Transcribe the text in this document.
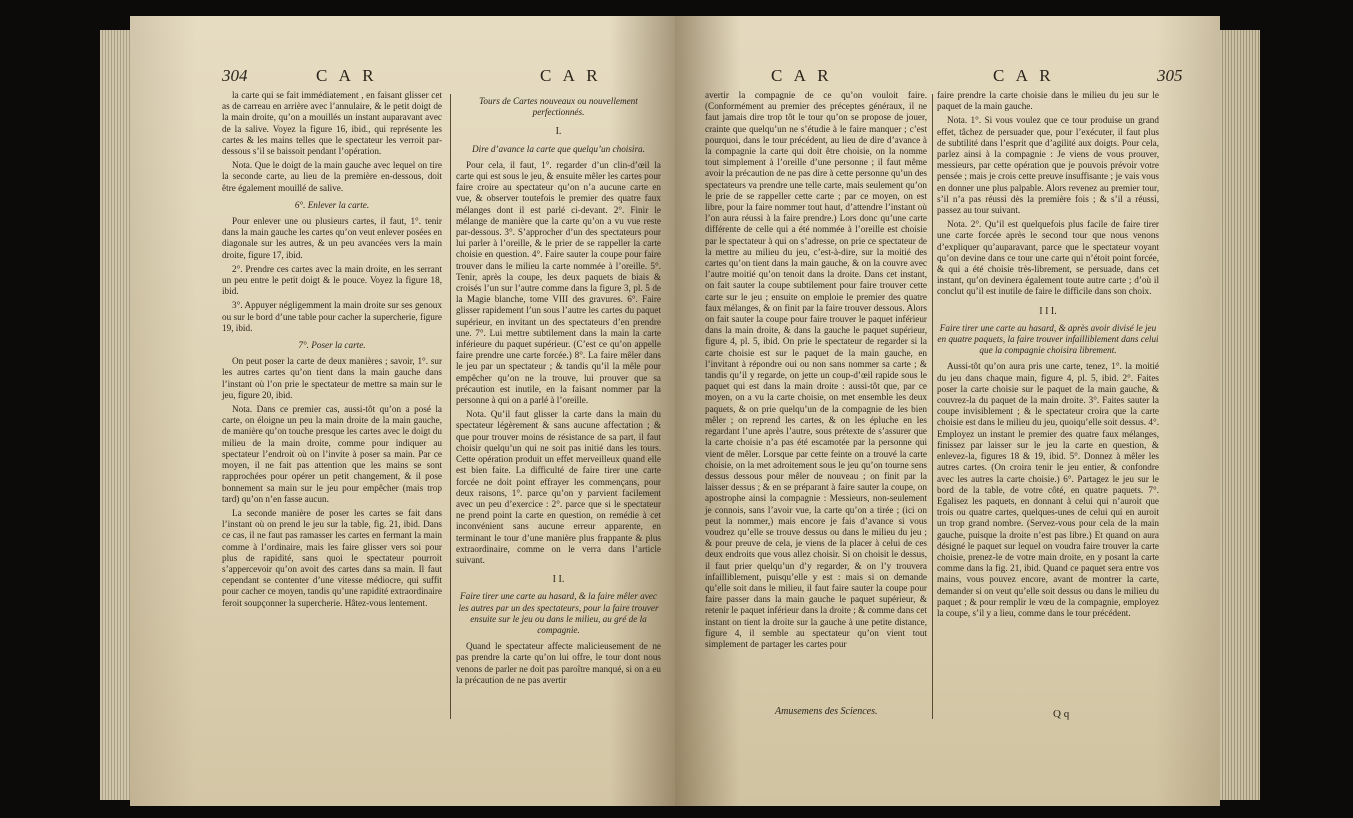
304	C A R	C A R

la carte qui se fait immédiatement , en faisant glisser cet as de carreau en arrière avec l’annulaire, & le petit doigt de la main droite, qu’on a mouillés un instant auparavant avec de la salive. Voyez la figure 16, ibid., qui représente les cartes & les mains telles que le spectateur les verroit par-dessous s’il se baissoit pendant l’opération.

Nota. Que le doigt de la main gauche avec lequel on tire la seconde carte, au lieu de la première en-dessous, doit être également mouillé de salive.

6°. Enlever la carte.

Pour enlever une ou plusieurs cartes, il faut, 1°. tenir dans la main gauche les cartes qu’on veut enlever posées en diagonale sur les autres, & un peu avancées vers la main droite, figure 17, ibid.

2°. Prendre ces cartes avec la main droite, en les serrant un peu entre le petit doigt & le pouce. Voyez la figure 18, ibid.

3°. Appuyer négligemment la main droite sur ses genoux ou sur le bord d’une table pour cacher la supercherie, figure 19, ibid.

7°. Poser la carte.

On peut poser la carte de deux manières ; savoir, 1°. sur les autres cartes qu’on tient dans la main gauche dans l’instant où l’on prie le spectateur de mettre sa main sur le jeu, figure 20, ibid.

Nota. Dans ce premier cas, aussi-tôt qu’on a posé la carte, on éloigne un peu la main droite de la main gauche, de manière qu’on touche presque les cartes avec le doigt du milieu de la main droite, comme pour indiquer au spectateur l’endroit où on l’invite à poser sa main. Par ce moyen, il ne fait pas attention que les mains se sont rapprochées pour opérer un petit changement, & il pose bonnement sa main sur le jeu pour empêcher (mais trop tard) qu’on n’en fasse aucun.

La seconde manière de poser les cartes se fait dans l’instant où on prend le jeu sur la table, fig. 21, ibid. Dans ce cas, il ne faut pas ramasser les cartes en fermant la main comme à l’ordinaire, mais les faire glisser vers soi pour plus de rapidité, sans quoi le spectateur pourroit s’appercevoir qu’on avoit des cartes dans sa main. Il faut cependant se contenter d’une vitesse médiocre, qui suffit pour cacher ce moyen, tandis qu’une rapidité extraordinaire feroit soupçonner la supercherie. Hâtez-vous lentement.

Tours de Cartes nouveaux ou nouvellement perfectionnés.

I.

Dire d’avance la carte que quelqu’un choisira.

Pour cela, il faut, 1°. regarder d’un clin-d’œil la carte qui est sous le jeu, & ensuite mêler les cartes pour faire croire au spectateur qu’on n’a aucune carte en vue, & observer toutefois le premier des quatre faux mélanges dont il est parlé ci-devant. 2°. Finir le mélange de manière que la carte qu’on a vu vue reste par-dessous. 3°. S’approcher d’un des spectateurs pour lui parler à l’oreille, & le prier de se rappeller la carte choisie en question. 4°. Faire sauter la coupe pour faire trouver dans le milieu la carte nommée à l’oreille. 5°. Tenir, après la coupe, les deux paquets de biais & croisés l’un sur l’autre comme dans la figure 3, pl. 5 de la Magie blanche, tome VIII des gravures. 6°. Faire glisser rapidement l’un sous l’autre les cartes du paquet supérieur, en invitant un des spectateurs d’en prendre une. 7°. Lui mettre subtilement dans la main la carte inférieure du paquet supérieur. (C’est ce qu’on appelle faire prendre une carte forcée.) 8°. La faire mêler dans le jeu par un spectateur ; & tandis qu’il la mêle pour empêcher qu’on ne la trouve, lui prouver que sa précaution est inutile, en la faisant nommer par la personne à qui on a parlé à l’oreille.

Nota. Qu’il faut glisser la carte dans la main du spectateur légèrement & sans aucune affectation ; & que pour trouver moins de résistance de sa part, il faut choisir quelqu’un qui ne soit pas initié dans les tours. Cette opération produit un effet merveilleux quand elle est bien faite. La difficulté de faire tirer une carte forcée ne doit point effrayer les commençans, pour deux raisons, 1°. parce qu’on y parvient facilement avec un peu d’exercice : 2°. parce que si le spectateur ne prend point la carte en question, on remédie à cet inconvénient sans aucune erreur apparente, en terminant le tour d’une manière plus frappante & plus extraordinaire, comme on le verra dans l’article suivant.

I I.

Faire tirer une carte au hasard, & la faire mêler avec les autres par un des spectateurs, pour la faire trouver ensuite sur le jeu ou dans le milieu, au gré de la compagnie.

Quand le spectateur affecte malicieusement de ne pas prendre la carte qu’on lui offre, le tour dont nous venons de parler ne doit pas paroître manqué, si on a eu la précaution de ne pas avertir

C A R	C A R	305

avertir la compagnie de ce qu’on vouloit faire. (Conformément au premier des préceptes généraux, il ne faut jamais dire trop tôt le tour qu’on se propose de jouer, crainte que quelqu’un ne s’étudie à le faire manquer ; c’est pourquoi, dans le tour précédent, au lieu de dire d’avance à la compagnie la carte qui doit être choisie, on la nomme tout simplement à l’oreille d’une personne ; il faut même avoir la précaution de ne pas dire à cette personne qu’un des spectateurs va prendre une telle carte, mais seulement qu’on le prie de se rappeller cette carte ; par ce moyen, on est libre, pour la faire nommer tout haut, d’attendre l’instant où l’on aura réussi à la faire prendre.) Lors donc qu’une carte différente de celle qui a été nommée à l’oreille est choisie par le spectateur à qui on s’adresse, on prie ce spectateur de la mettre au milieu du jeu, c’est-à-dire, sur la moitié des cartes qu’on tient dans la main gauche, & on la couvre avec l’autre moitié qu’on tenoit dans la droite. Dans cet instant, on fait sauter la coupe subtilement pour faire trouver cette carte sur le jeu ; ensuite on emploie le premier des quatre faux mélanges, & on finit par la faire trouver dessous. Alors on fait sauter la coupe pour faire trouver le paquet inférieur dans la main droite, & dans la gauche le paquet supérieur, figure 4, pl. 5, ibid. On prie le spectateur de regarder si la carte choisie est sur le paquet de la main gauche, en l’invitant à répondre oui ou non sans nommer sa carte ; & tandis qu’il y regarde, on jette un coup-d’œil rapide sous le paquet qui est dans la main droite : aussi-tôt que, par ce moyen, on a vu la carte choisie, on met ensemble les deux paquets, & on prie quelqu’un de la compagnie de les bien mêler ; on reprend les cartes, & on les épluche en les regardant l’une après l’autre, sous prétexte de s’assurer que la carte choisie n’a pas été escamotée par la personne qui vient de mêler. Lorsque par cette feinte on a trouvé la carte choisie, on la met adroitement sous le jeu qu’on tourne sens dessus dessous pour mêler de nouveau ; on finit par la laisser dessus ; & en se préparant à faire sauter la coupe, on apostrophe ainsi la compagnie : Messieurs, non-seulement je connois, sans l’avoir vue, la carte qu’on a tirée ; (ici on peut la nommer,) mais encore je fais d’avance si vous voudrez qu’elle se trouve dessus ou dans le milieu du jeu ; & pour preuve de cela, je viens de la placer à celui de ces deux endroits que vous allez choisir. Si on choisit le dessus, il faut prier quelqu’un d’y regarder, & on l’y trouvera infailliblement, puisqu’elle y est : mais si on demande qu’elle soit dans le milieu, il faut faire sauter la coupe pour faire passer dans la main gauche le paquet supérieur, & retenir le paquet inférieur dans la droite ; & comme dans cet instant on tient la droite sur la gauche à une petite distance, figure 4, il semble au spectateur qu’on vient tout simplement de partager les cartes pour

faire prendre la carte choisie dans le milieu du jeu sur le paquet de la main gauche.

Nota. 1°. Si vous voulez que ce tour produise un grand effet, tâchez de persuader que, pour l’exécuter, il faut plus de subtilité dans l’esprit que d’agilité aux doigts. Pour cela, parlez ainsi à la compagnie : Je viens de vous prouver, messieurs, par cette opération que je pouvois prévoir votre pensée ; mais je crois cette preuve insuffisante ; je vais vous en donner une plus palpable. Alors revenez au premier tour, s’il n’a pas réussi dès la première fois ; & s’il a réussi, passez au tour suivant.

Nota. 2°. Qu’il est quelquefois plus facile de faire tirer une carte forcée après le second tour que nous venons d’expliquer qu’auparavant, parce que le spectateur voyant qu’on devine dans ce tour une carte qui n’étoit point forcée, & qui a été choisie très-librement, se persuade, dans cet instant, qu’on devinera également toute autre carte ; d’où il conclut qu’il est inutile de faire le difficile dans son choix.

I I I.

Faire tirer une carte au hasard, & après avoir divisé le jeu en quatre paquets, la faire trouver infailliblement dans celui que la compagnie choisira librement.

Aussi-tôt qu’on aura pris une carte, tenez, 1°. la moitié du jeu dans chaque main, figure 4, pl. 5, ibid. 2°. Faites poser la carte choisie sur le paquet de la main gauche, & couvrez-la du paquet de la main droite. 3°. Faites sauter la coupe invisiblement ; & le spectateur croira que la carte choisie est dans le milieu du jeu, quoiqu’elle soit dessus. 4°. Employez un instant le premier des quatre faux mélanges, finissez par laisser sur le jeu la carte en question, & enlevez-la, figures 18 & 19, ibid. 5°. Donnez à mêler les autres cartes. (On croira tenir le jeu entier, & confondre avec les autres la carte choisie.) 6°. Partagez le jeu sur le bord de la table, de votre côté, en quatre paquets. 7°. Egalisez les paquets, en donnant à celui qui n’auroit que trois ou quatre cartes, quelques-unes de celui qui en auroit un trop grand nombre. (Servez-vous pour cela de la main gauche, puisque la droite n’est pas libre.) Et quand on aura désigné le paquet sur lequel on voudra faire trouver la carte choisie, prenez-le de votre main droite, en y posant la carte comme dans la fig. 21, ibid. Quand ce paquet sera entre vos mains, vous pouvez encore, avant de montrer la carte, demander si on veut qu’elle soit dessus ou dans le milieu du paquet ; & pour remplir le vœu de la compagnie, employez la coupe, s’il y a lieu, comme dans le tour précédent.

Amusemens des Sciences.	Q q
